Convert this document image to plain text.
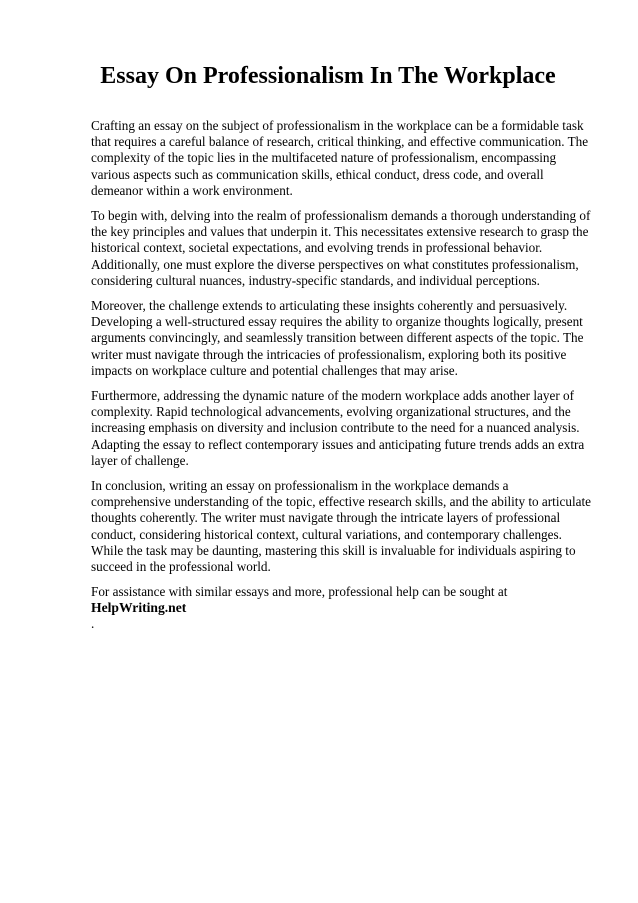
Essay On Professionalism In The Workplace

Crafting an essay on the subject of professionalism in the workplace can be a formidable task that requires a careful balance of research, critical thinking, and effective communication. The complexity of the topic lies in the multifaceted nature of professionalism, encompassing various aspects such as communication skills, ethical conduct, dress code, and overall demeanor within a work environment.

To begin with, delving into the realm of professionalism demands a thorough understanding of the key principles and values that underpin it. This necessitates extensive research to grasp the historical context, societal expectations, and evolving trends in professional behavior. Additionally, one must explore the diverse perspectives on what constitutes professionalism, considering cultural nuances, industry-specific standards, and individual perceptions.

Moreover, the challenge extends to articulating these insights coherently and persuasively. Developing a well-structured essay requires the ability to organize thoughts logically, present arguments convincingly, and seamlessly transition between different aspects of the topic. The writer must navigate through the intricacies of professionalism, exploring both its positive impacts on workplace culture and potential challenges that may arise.

Furthermore, addressing the dynamic nature of the modern workplace adds another layer of complexity. Rapid technological advancements, evolving organizational structures, and the increasing emphasis on diversity and inclusion contribute to the need for a nuanced analysis. Adapting the essay to reflect contemporary issues and anticipating future trends adds an extra layer of challenge.

In conclusion, writing an essay on professionalism in the workplace demands a comprehensive understanding of the topic, effective research skills, and the ability to articulate thoughts coherently. The writer must navigate through the intricate layers of professional conduct, considering historical context, cultural variations, and contemporary challenges. While the task may be daunting, mastering this skill is invaluable for individuals aspiring to succeed in the professional world.

For assistance with similar essays and more, professional help can be sought at HelpWriting.net
.
